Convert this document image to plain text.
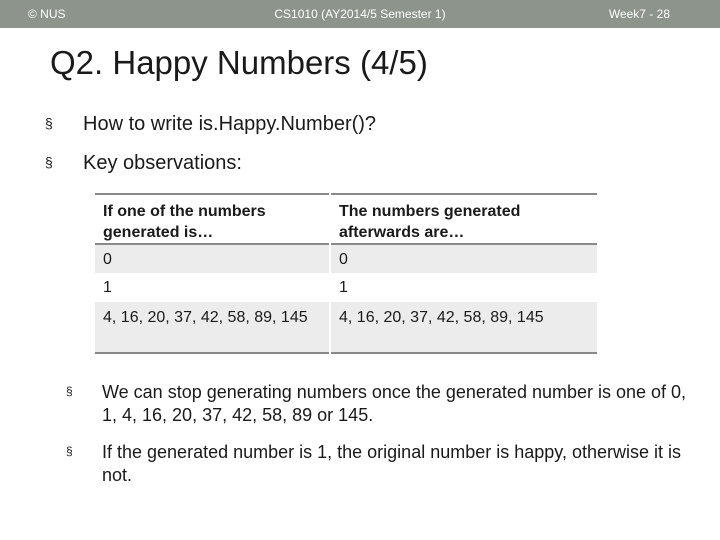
© NUS	CS1010 (AY2014/5 Semester 1)	Week7 - 28
Q2. Happy Numbers (4/5)
§ How to write is.Happy.Number()?
§ Key observations:
If one of the numbers generated is…	The numbers generated afterwards are…
0	0
1	1
4, 16, 20, 37, 42, 58, 89, 145	4, 16, 20, 37, 42, 58, 89, 145
§ We can stop generating numbers once the generated number is one of 0, 1, 4, 16, 20, 37, 42, 58, 89 or 145.
§ If the generated number is 1, the original number is happy, otherwise it is not.
